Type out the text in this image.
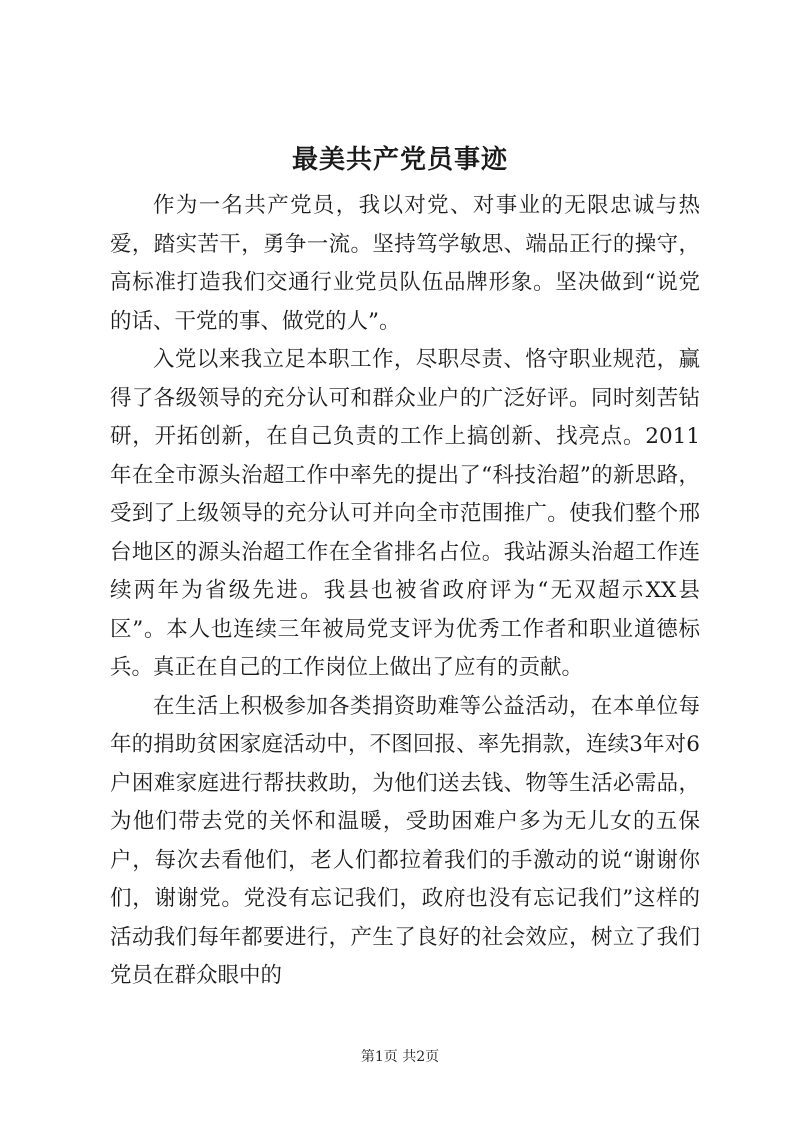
最美共产党员事迹

作为一名共产党员，我以对党、对事业的无限忠诚与热爱，踏实苦干，勇争一流。坚持笃学敏思、端品正行的操守，高标准打造我们交通行业党员队伍品牌形象。坚决做到“说党的话、干党的事、做党的人”。

入党以来我立足本职工作，尽职尽责、恪守职业规范，赢得了各级领导的充分认可和群众业户的广泛好评。同时刻苦钻研，开拓创新，在自己负责的工作上搞创新、找亮点。2011年在全市源头治超工作中率先的提出了“科技治超”的新思路，受到了上级领导的充分认可并向全市范围推广。使我们整个邢台地区的源头治超工作在全省排名占位。我站源头治超工作连续两年为省级先进。我县也被省政府评为“无双超示XX县区”。本人也连续三年被局党支评为优秀工作者和职业道德标兵。真正在自己的工作岗位上做出了应有的贡献。

在生活上积极参加各类捐资助难等公益活动，在本单位每年的捐助贫困家庭活动中，不图回报、率先捐款，连续3年对6户困难家庭进行帮扶救助，为他们送去钱、物等生活必需品，为他们带去党的关怀和温暖，受助困难户多为无儿女的五保户，每次去看他们，老人们都拉着我们的手激动的说“谢谢你们，谢谢党。党没有忘记我们，政府也没有忘记我们”这样的活动我们每年都要进行，产生了良好的社会效应，树立了我们党员在群众眼中的

第1页 共2页
